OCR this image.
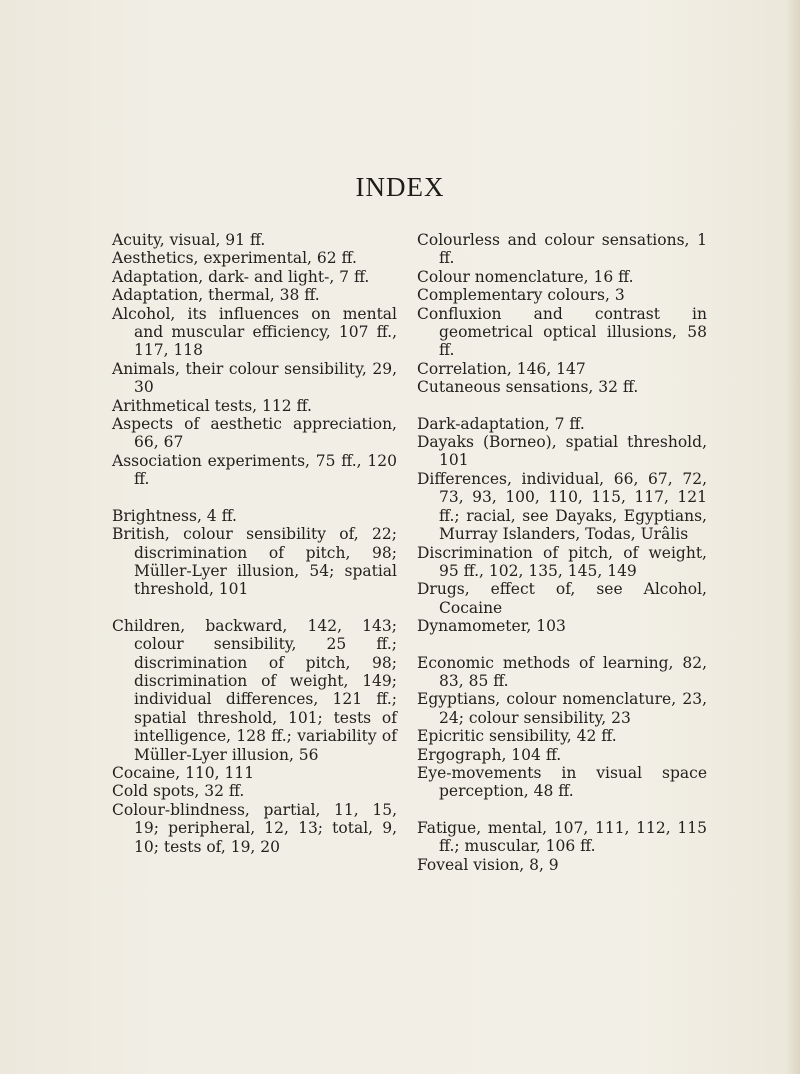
INDEX
Acuity, visual, 91 ff.
Aesthetics, experimental, 62 ff.
Adaptation, dark- and light-, 7 ff.
Adaptation, thermal, 38 ff.
Alcohol, its influences on mental and muscular efficiency, 107 ff., 117, 118
Animals, their colour sensibility, 29, 30
Arithmetical tests, 112 ff.
Aspects of aesthetic appreciation, 66, 67
Association experiments, 75 ff., 120 ff.
Brightness, 4 ff.
British, colour sensibility of, 22; discrimination of pitch, 98; Müller-Lyer illusion, 54; spatial threshold, 101
Children, backward, 142, 143; colour sensibility, 25 ff.; discrimination of pitch, 98; discrimination of weight, 149; individual differences, 121 ff.; spatial threshold, 101; tests of intelligence, 128 ff.; variability of Müller-Lyer illusion, 56
Cocaine, 110, 111
Cold spots, 32 ff.
Colour-blindness, partial, 11, 15, 19; peripheral, 12, 13; total, 9, 10; tests of, 19, 20
Colourless and colour sensations, 1 ff.
Colour nomenclature, 16 ff.
Complementary colours, 3
Confluxion and contrast in geometrical optical illusions, 58 ff.
Correlation, 146, 147
Cutaneous sensations, 32 ff.
Dark-adaptation, 7 ff.
Dayaks (Borneo), spatial threshold, 101
Differences, individual, 66, 67, 72, 73, 93, 100, 110, 115, 117, 121 ff.; racial, see Dayaks, Egyptians, Murray Islanders, Todas, Urâlis
Discrimination of pitch, of weight, 95 ff., 102, 135, 145, 149
Drugs, effect of, see Alcohol, Cocaine
Dynamometer, 103
Economic methods of learning, 82, 83, 85 ff.
Egyptians, colour nomenclature, 23, 24; colour sensibility, 23
Epicritic sensibility, 42 ff.
Ergograph, 104 ff.
Eye-movements in visual space perception, 48 ff.
Fatigue, mental, 107, 111, 112, 115 ff.; muscular, 106 ff.
Foveal vision, 8, 9
